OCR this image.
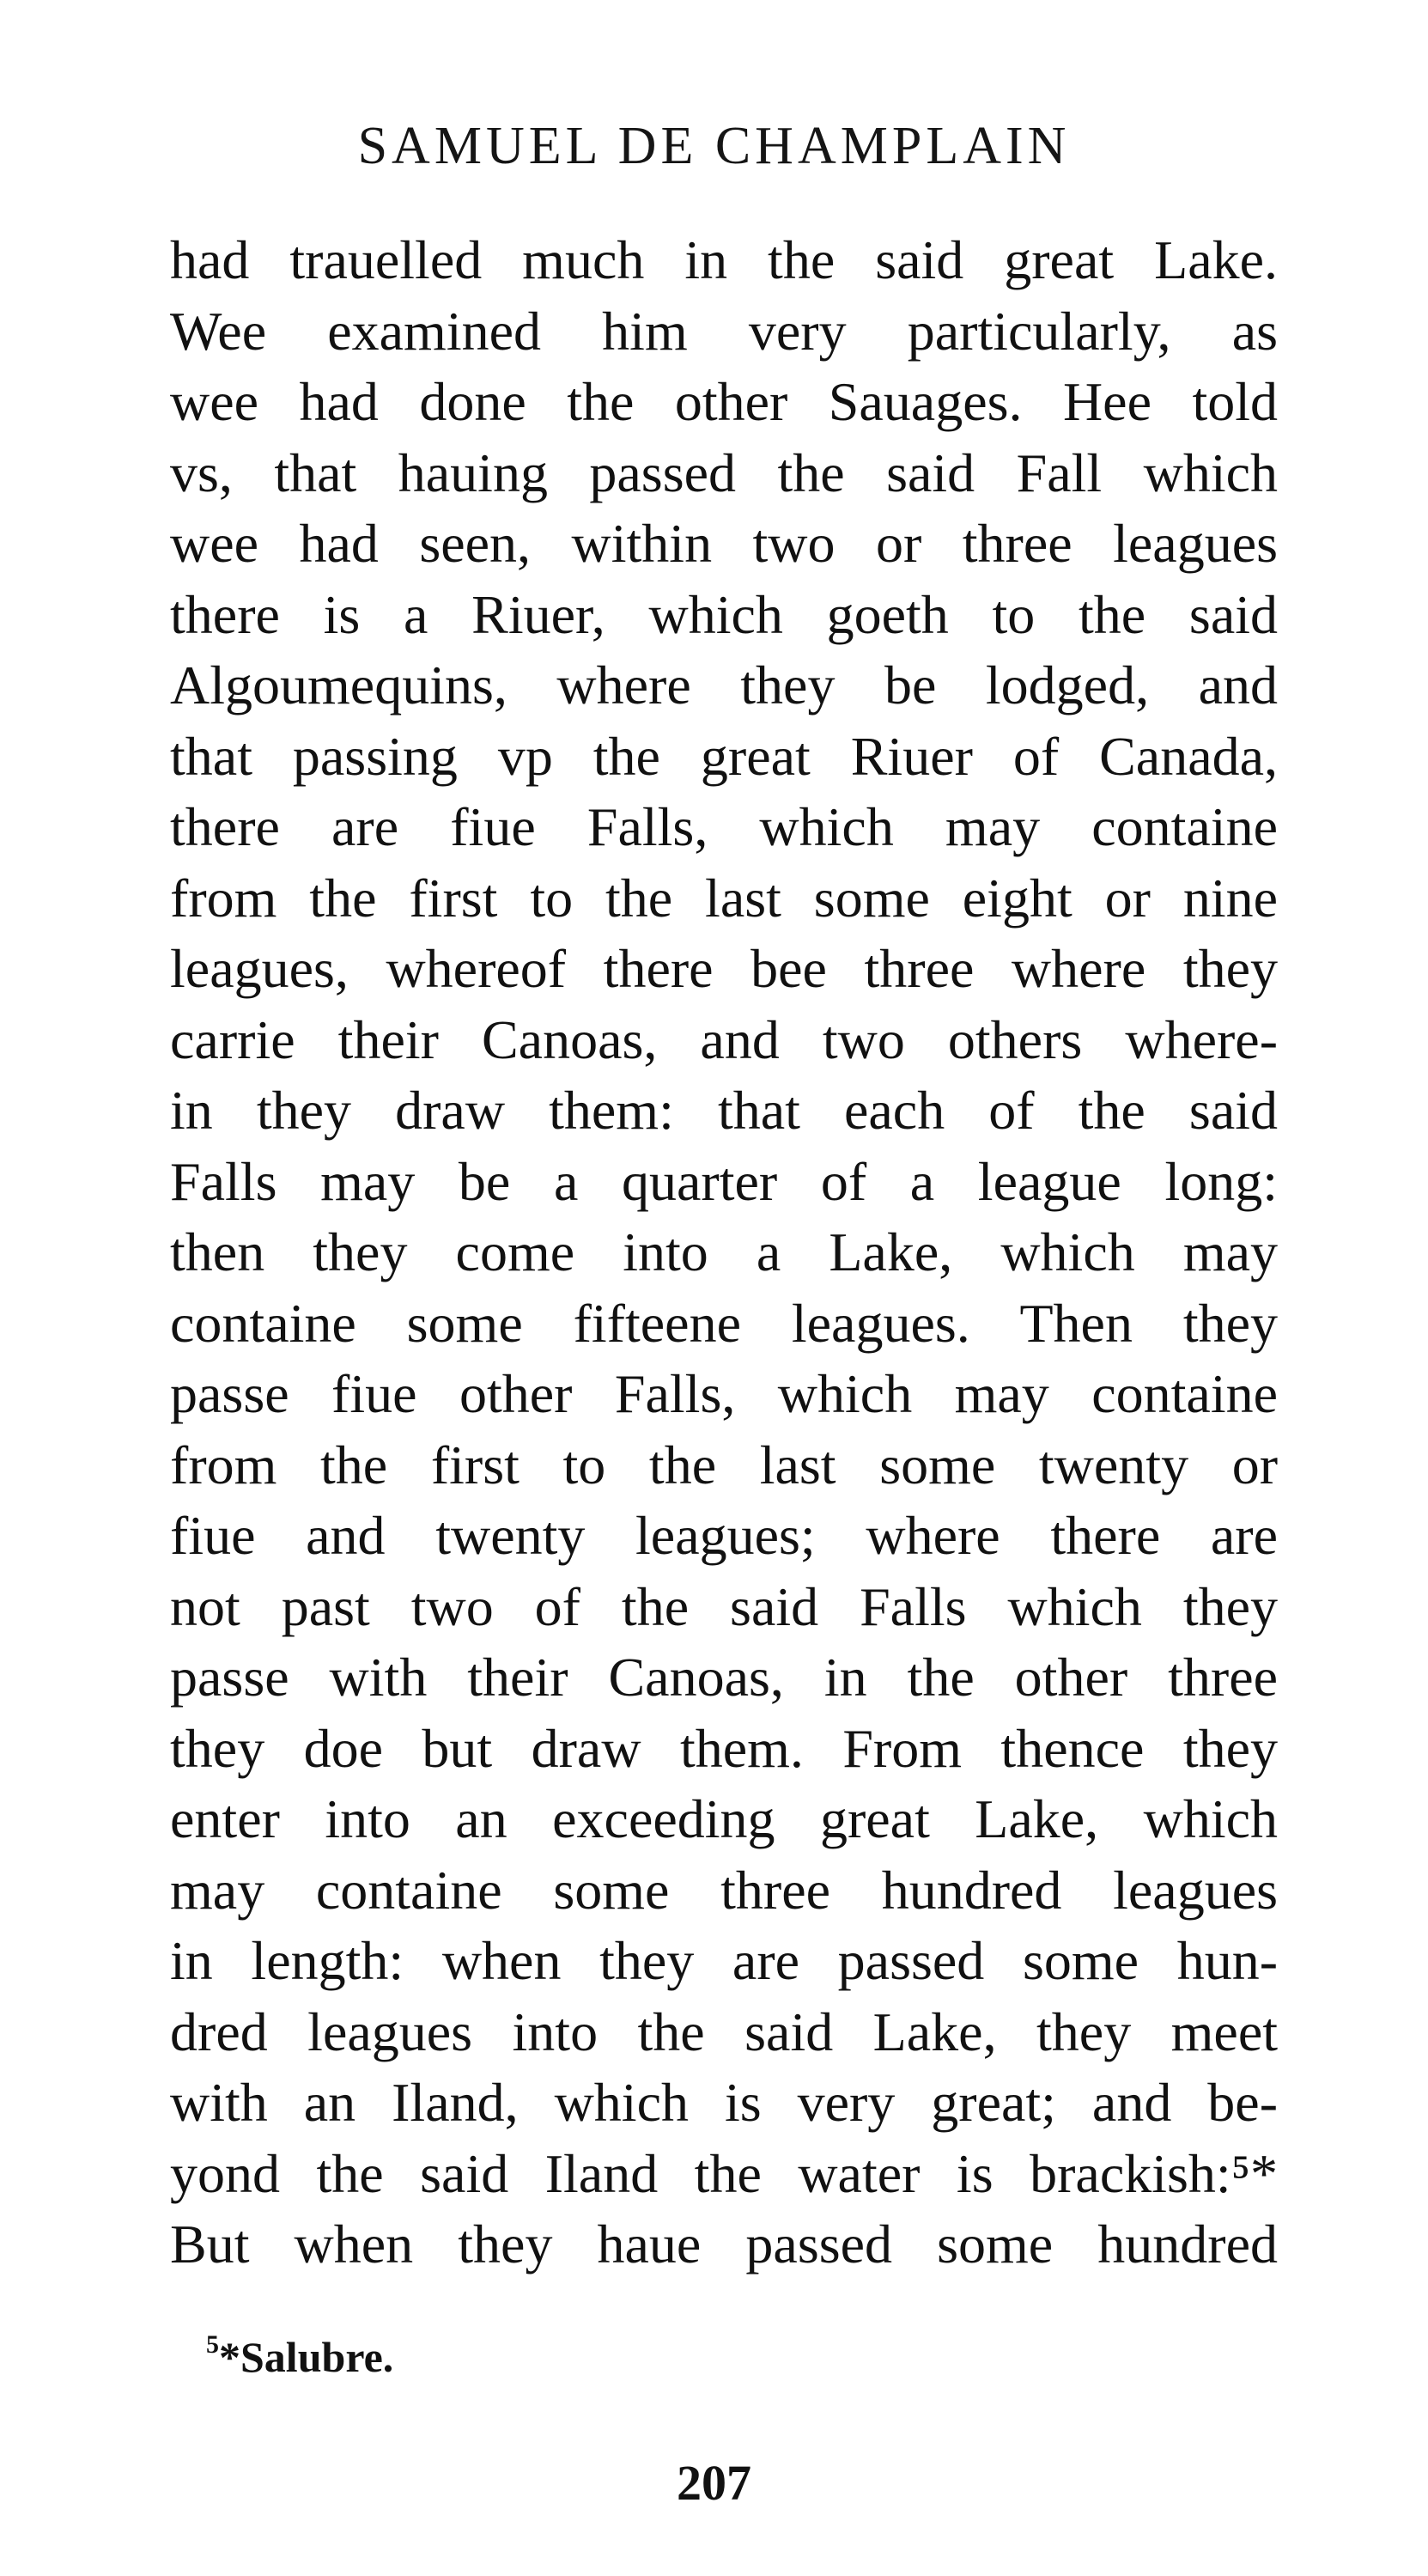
SAMUEL DE CHAMPLAIN
had trauelled much in the said great Lake.
Wee examined him very particularly, as
wee had done the other Sauages. Hee told
vs, that hauing passed the said Fall which
wee had seen, within two or three leagues
there is a Riuer, which goeth to the said
Algoumequins, where they be lodged, and
that passing vp the great Riuer of Canada,
there are fiue Falls, which may containe
from the first to the last some eight or nine
leagues, whereof there bee three where they
carrie their Canoas, and two others where-
in they draw them: that each of the said
Falls may be a quarter of a league long:
then they come into a Lake, which may
containe some fifteene leagues. Then they
passe fiue other Falls, which may containe
from the first to the last some twenty or
fiue and twenty leagues; where there are
not past two of the said Falls which they
passe with their Canoas, in the other three
they doe but draw them. From thence they
enter into an exceeding great Lake, which
may containe some three hundred leagues
in length: when they are passed some hun-
dred leagues into the said Lake, they meet
with an Iland, which is very great; and be-
yond the said Iland the water is brackish:⁵*
But when they haue passed some hundred
$^5$*Salubre.
207
